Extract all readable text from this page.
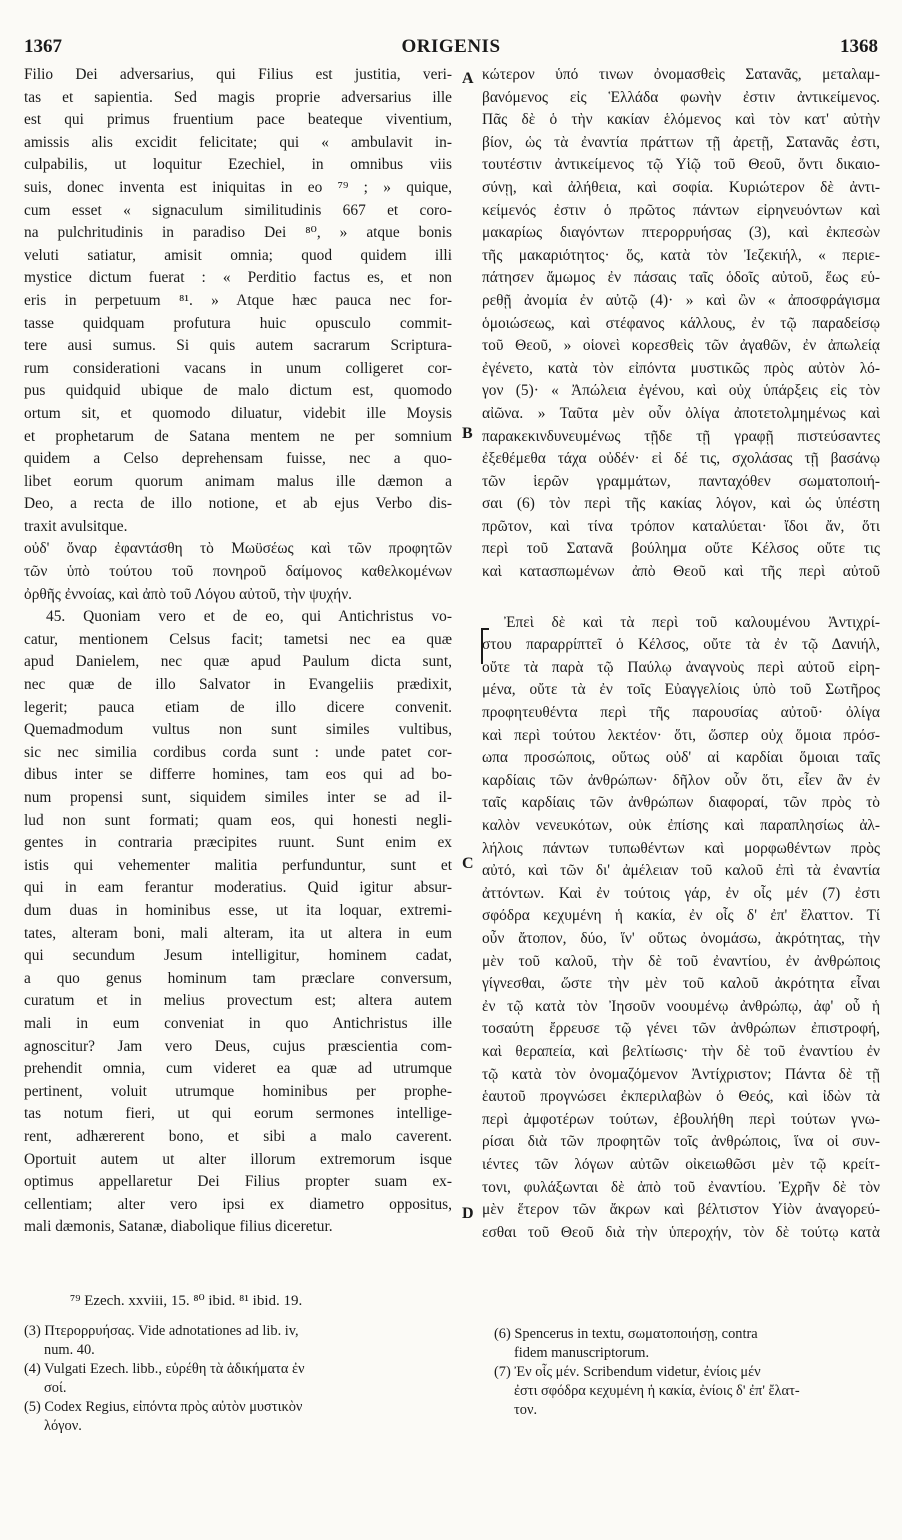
1367	ORIGENIS	1368
Filio Dei adversarius, qui Filius est justitia, veri-
tas et sapientia. Sed magis proprie adversarius ille
est qui primus fruentium pace beateque viventium,
amissis alis excidit felicitate; qui « ambulavit in-
culpabilis, ut loquitur Ezechiel, in omnibus viis
suis, donec inventa est iniquitas in eo ⁷⁹ ; » quique,
cum esset « signaculum similitudinis 667 et coro-
na pulchritudinis in paradiso Dei ⁸⁰, » atque bonis
veluti satiatur, amisit omnia; quod quidem illi
mystice dictum fuerat : « Perditio factus es, et non
eris in perpetuum ⁸¹. » Atque hæc pauca nec for-
tasse quidquam profutura huic opusculo commit-
tere ausi sumus. Si quis autem sacrarum Scriptura-
rum considerationi vacans in unum colligeret cor-
pus quidquid ubique de malo dictum est, quomodo
ortum sit, et quomodo diluatur, videbit ille Moysis
et prophetarum de Satana mentem ne per somnium
quidem a Celso deprehensam fuisse, nec a quo-
libet eorum quorum animam malus ille dæmon a
Deo, a recta de illo notione, et ab ejus Verbo dis-
traxit avulsitque.
οὐδ' ὄναρ ἐφαντάσθη τὸ Μωϋσέως καὶ τῶν προφητῶν
τῶν ὑπὸ τούτου τοῦ πονηροῦ δαίμονος καθελκομένων
ὀρθῆς ἐννοίας, καὶ ἀπὸ τοῦ Λόγου αὐτοῦ, τὴν ψυχήν.
45. Quoniam vero et de eo, qui Antichristus vo-
catur, mentionem Celsus facit; tametsi nec ea quæ
apud Danielem, nec quæ apud Paulum dicta sunt,
nec quæ de illo Salvator in Evangeliis prædixit,
legerit; pauca etiam de illo dicere convenit.
Quemadmodum vultus non sunt similes vultibus,
sic nec similia cordibus corda sunt : unde patet cor-
dibus inter se differre homines, tam eos qui ad bo-
num propensi sunt, siquidem similes inter se ad il-
lud non sunt formati; quam eos, qui honesti negli-
gentes in contraria præcipites ruunt. Sunt enim ex
istis qui vehementer malitia perfunduntur, sunt et
qui in eam ferantur moderatius. Quid igitur absur-
dum duas in hominibus esse, ut ita loquar, extremi-
tates, alteram boni, mali alteram, ita ut altera in eum
qui secundum Jesum intelligitur, hominem cadat,
a quo genus hominum tam præclare conversum,
curatum et in melius provectum est; altera autem
mali in eum conveniat in quo Antichristus ille
agnoscitur? Jam vero Deus, cujus præscientia com-
prehendit omnia, cum videret ea quæ ad utrumque
pertinent, voluit utrumque hominibus per prophe-
tas notum fieri, ut qui eorum sermones intellige-
rent, adhærerent bono, et sibi a malo caverent.
Oportuit autem ut alter illorum extremorum isque
optimus appellaretur Dei Filius propter suam ex-
cellentiam; alter vero ipsi ex diametro oppositus,
mali dæmonis, Satanæ, diabolique filius diceretur.
κώτερον ὑπό τινων ὀνομασθεὶς Σατανᾶς, μεταλαμ-
βανόμενος εἰς Ἑλλάδα φωνὴν ἐστιν ἀντικείμενος.
Πᾶς δὲ ὁ τὴν κακίαν ἑλόμενος καὶ τὸν κατ' αὐτὴν
βίον, ὡς τὰ ἐναντία πράττων τῇ ἀρετῇ, Σατανᾶς ἐστι,
τουτέστιν ἀντικείμενος τῷ Υἱῷ τοῦ Θεοῦ, ὄντι δικαιο-
σύνῃ, καὶ ἀλήθεια, καὶ σοφία. Κυριώτερον δὲ ἀντι-
κείμενός ἐστιν ὁ πρῶτος πάντων εἰρηνευόντων καὶ
μακαρίως διαγόντων πτερορρυήσας (3), καὶ ἐκπεσὼν
τῆς μακαριότητος· ὅς, κατὰ τὸν Ἰεζεκιήλ, « περιε-
πάτησεν ἄμωμος ἐν πάσαις ταῖς ὁδοῖς αὐτοῦ, ἕως εὑ-
ρεθῇ ἀνομία ἐν αὐτῷ (4)· » καὶ ὢν « ἀποσφράγισμα
ὁμοιώσεως, καὶ στέφανος κάλλους, ἐν τῷ παραδείσῳ
τοῦ Θεοῦ, » οἱονεὶ κορεσθεὶς τῶν ἀγαθῶν, ἐν ἀπωλείᾳ
ἐγένετο, κατὰ τὸν εἰπόντα μυστικῶς πρὸς αὐτὸν λό-
γον (5)· « Ἀπώλεια ἐγένου, καὶ οὐχ ὑπάρξεις εἰς τὸν
αἰῶνα. » Ταῦτα μὲν οὖν ὀλίγα ἀποτετολμημένως καὶ
παρακεκινδυνευμένως τῇδε τῇ γραφῇ πιστεύσαντες
ἐξεθέμεθα τάχα οὐδέν· εἰ δέ τις, σχολάσας τῇ βασάνῳ
τῶν ἱερῶν γραμμάτων, πανταχόθεν σωματοποιή-
σαι (6) τὸν περὶ τῆς κακίας λόγον, καὶ ὡς ὑπέστη
πρῶτον, καὶ τίνα τρόπον καταλύεται· ἴδοι ἄν, ὅτι
περὶ τοῦ Σατανᾶ βούλημα οὔτε Κέλσος οὔτε τις
καὶ κατασπωμένων ἀπὸ Θεοῦ καὶ τῆς περὶ αὐτοῦ
Ἐπεὶ δὲ καὶ τὰ περὶ τοῦ καλουμένου Ἀντιχρί-
στου παραρρίπτεῖ ὁ Κέλσος, οὔτε τὰ ἐν τῷ Δανιήλ,
οὔτε τὰ παρὰ τῷ Παύλῳ ἀναγνοὺς περὶ αὐτοῦ εἰρη-
μένα, οὔτε τὰ ἐν τοῖς Εὐαγγελίοις ὑπὸ τοῦ Σωτῆρος
προφητευθέντα περὶ τῆς παρουσίας αὐτοῦ· ὀλίγα
καὶ περὶ τούτου λεκτέον· ὅτι, ὥσπερ οὐχ ὅμοια πρόσ-
ωπα προσώποις, οὕτως οὐδ' αἱ καρδίαι ὅμοιαι ταῖς
καρδίαις τῶν ἀνθρώπων· δῆλον οὖν ὅτι, εἶεν ἂν ἐν
ταῖς καρδίαις τῶν ἀνθρώπων διαφοραί, τῶν πρὸς τὸ
καλὸν νενευκότων, οὐκ ἐπίσης καὶ παραπλησίως ἀλ-
λήλοις πάντων τυπωθέντων καὶ μορφωθέντων πρὸς
αὐτό, καὶ τῶν δι' ἀμέλειαν τοῦ καλοῦ ἐπὶ τὰ ἐναντία
ἀττόντων. Καὶ ἐν τούτοις γάρ, ἐν οἷς μέν (7) ἐστι
σφόδρα κεχυμένη ἡ κακία, ἐν οἷς δ' ἐπ' ἔλαττον. Τί
οὖν ἄτοπον, δύο, ἵν' οὕτως ὀνομάσω, ἀκρότητας, τὴν
μὲν τοῦ καλοῦ, τὴν δὲ τοῦ ἐναντίου, ἐν ἀνθρώποις
γίγνεσθαι, ὥστε τὴν μὲν τοῦ καλοῦ ἀκρότητα εἶναι
ἐν τῷ κατὰ τὸν Ἰησοῦν νοουμένῳ ἀνθρώπῳ, ἀφ' οὗ ἡ
τοσαύτη ἔρρευσε τῷ γένει τῶν ἀνθρώπων ἐπιστροφή,
καὶ θεραπεία, καὶ βελτίωσις· τὴν δὲ τοῦ ἐναντίου ἐν
τῷ κατὰ τὸν ὀνομαζόμενον Ἀντίχριστον; Πάντα δὲ τῇ
ἑαυτοῦ προγνώσει ἐκπεριλαβὼν ὁ Θεός, καὶ ἰδὼν τὰ
περὶ ἀμφοτέρων τούτων, ἐβουλήθη περὶ τούτων γνω-
ρίσαι διὰ τῶν προφητῶν τοῖς ἀνθρώποις, ἵνα οἱ συν-
ιέντες τῶν λόγων αὐτῶν οἰκειωθῶσι μὲν τῷ κρείτ-
τονι, φυλάξωνται δὲ ἀπὸ τοῦ ἐναντίου. Ἐχρῆν δὲ τὸν
μὲν ἕτερον τῶν ἄκρων καὶ βέλτιστον Υἱὸν ἀναγορεύ-
εσθαι τοῦ Θεοῦ διὰ τὴν ὑπεροχήν, τὸν δὲ τούτῳ κατὰ
A
B
C
D
⁷⁹ Ezech. xxviii, 15. ⁸⁰ ibid. ⁸¹ ibid. 19.
(3) Πτερορρυήσας. Vide adnotationes ad lib. iv,
num. 40.
(4) Vulgati Ezech. libb., εὑρέθη τὰ ἀδικήματα ἐν
σοί.
(5) Codex Regius, εἰπόντα πρὸς αὐτὸν μυστικὸν
λόγον.
(6) Spencerus in textu, σωματοποιήσῃ, contra
fidem manuscriptorum.
(7) Ἐν οἷς μέν. Scribendum videtur, ἐνίοις μέν
ἐστι σφόδρα κεχυμένη ἡ κακία, ἐνίοις δ' ἐπ' ἔλατ-
τον.
